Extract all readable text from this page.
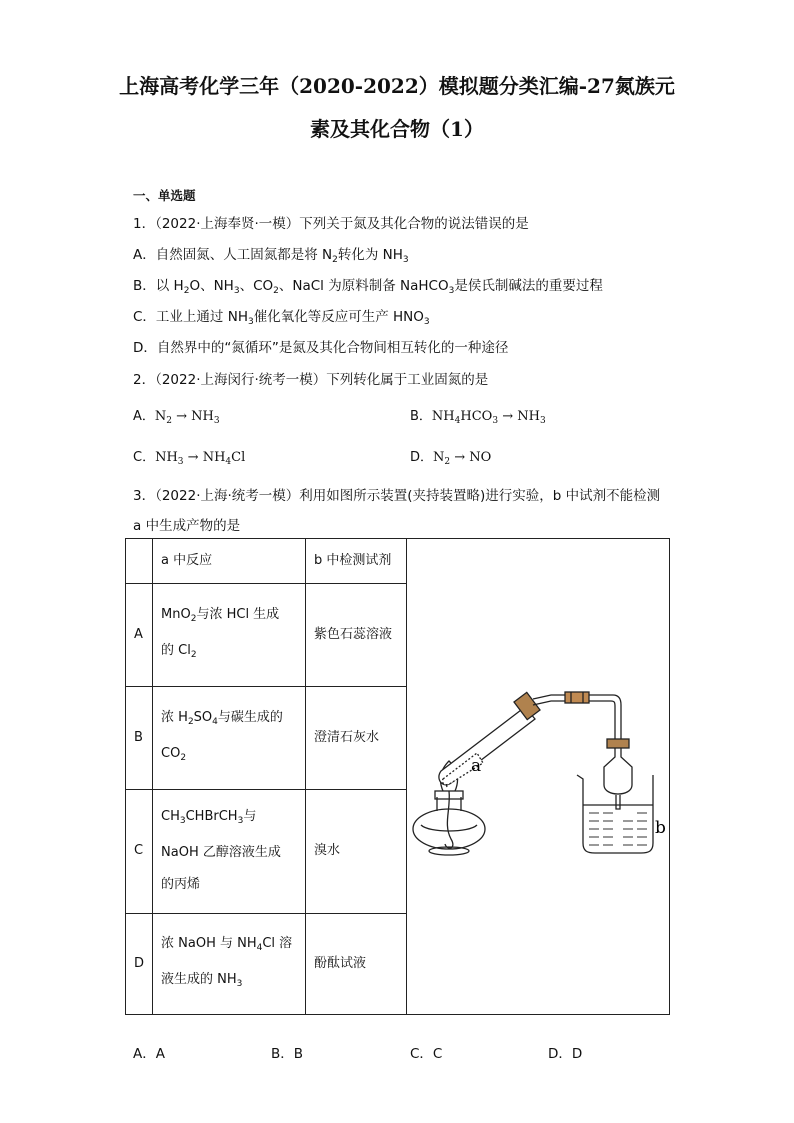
上海高考化学三年（2020-2022）模拟题分类汇编-27氮族元
素及其化合物（1）
一、单选题
1．（2022·上海奉贤·一模）下列关于氮及其化合物的说法错误的是
A．自然固氮、人工固氮都是将 $N_2$转化为 $NH_3$
B．以 $H_2O$、$NH_3$、$CO_2$、NaCl 为原料制备 NaHCO$_3$是侯氏制碱法的重要过程
C．工业上通过 $NH_3$催化氧化等反应可生产 $HNO_3$
D．自然界中的“氮循环”是氮及其化合物间相互转化的一种途径
2．（2022·上海闵行·统考一模）下列转化属于工业固氮的是
A．$N_2 \to NH_3$	B．$NH_4HCO_3 \to NH_3$
C．$NH_3 \to NH_4Cl$	D．$N_2$ → NO
3．（2022·上海·统考一模）利用如图所示装置(夹持装置略)进行实验，b 中试剂不能检测
a 中生成产物的是
	a 中反应	b 中检测试剂	a
b

A	MnO$_2$与浓 HCl 生成
的 $Cl_2$	紫色石蕊溶液	
B	浓 $H_2SO_4$与碳生成的
$CO_2$	澄清石灰水	
C	$CH_3CHBrCH_3$与
NaOH 乙醇溶液生成
的丙烯	溴水	
D	浓 NaOH 与 $NH_4Cl$ 溶
液生成的 $NH_3$	酚酞试液	
A．A	B．B	C．C	D．D
